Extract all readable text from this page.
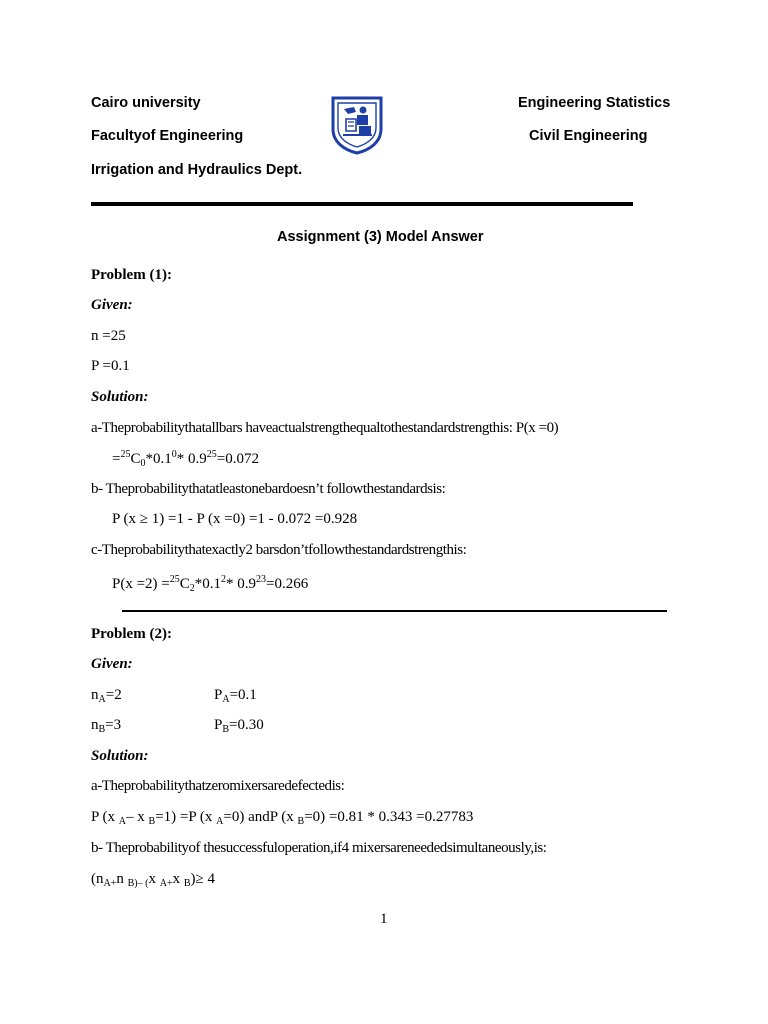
Cairo university
Facultyof Engineering
Irrigation and Hydraulics Dept.
Engineering Statistics
Civil Engineering
Assignment (3) Model Answer
Problem (1):
Given:
n =25
P =0.1
Solution:
a-Theprobabilitythatallbars haveactualstrengthequaltothestandardstrengthis: P(x =0)
$=^{25}C_0*0.1^0*$ $0.9^{25}=0.072$
b- Theprobabilitythatatleastonebardoesn’t followthestandardsis:
P (x ≥ 1) =1 - P (x =0) =1 - 0.072 =0.928
c-Theprobabilitythatexactly2 barsdon’tfollowthestandardstrengthis:
$P(x =2) =^{25}C_2*0.1^2*$ $0.9^{23}=0.266$
Problem (2):
Given:
$n_A=2$	$P_A=0.1$
$n_B=3$	$P_B=0.30$
Solution:
a-Theprobabilitythatzeromixersaredefectedis:
P (x $_A$– x $_B$=1) =P (x $_A$=0) andP (x $_B$=0) =0.81 * 0.343 =0.27783
b- Theprobabilityof thesuccessfuloperation,if4 mixersareneededsimultaneously,is:
($n_{A+}n$ $_{B)- (}$x $_{A+}$x $_B$)≥ 4
1
